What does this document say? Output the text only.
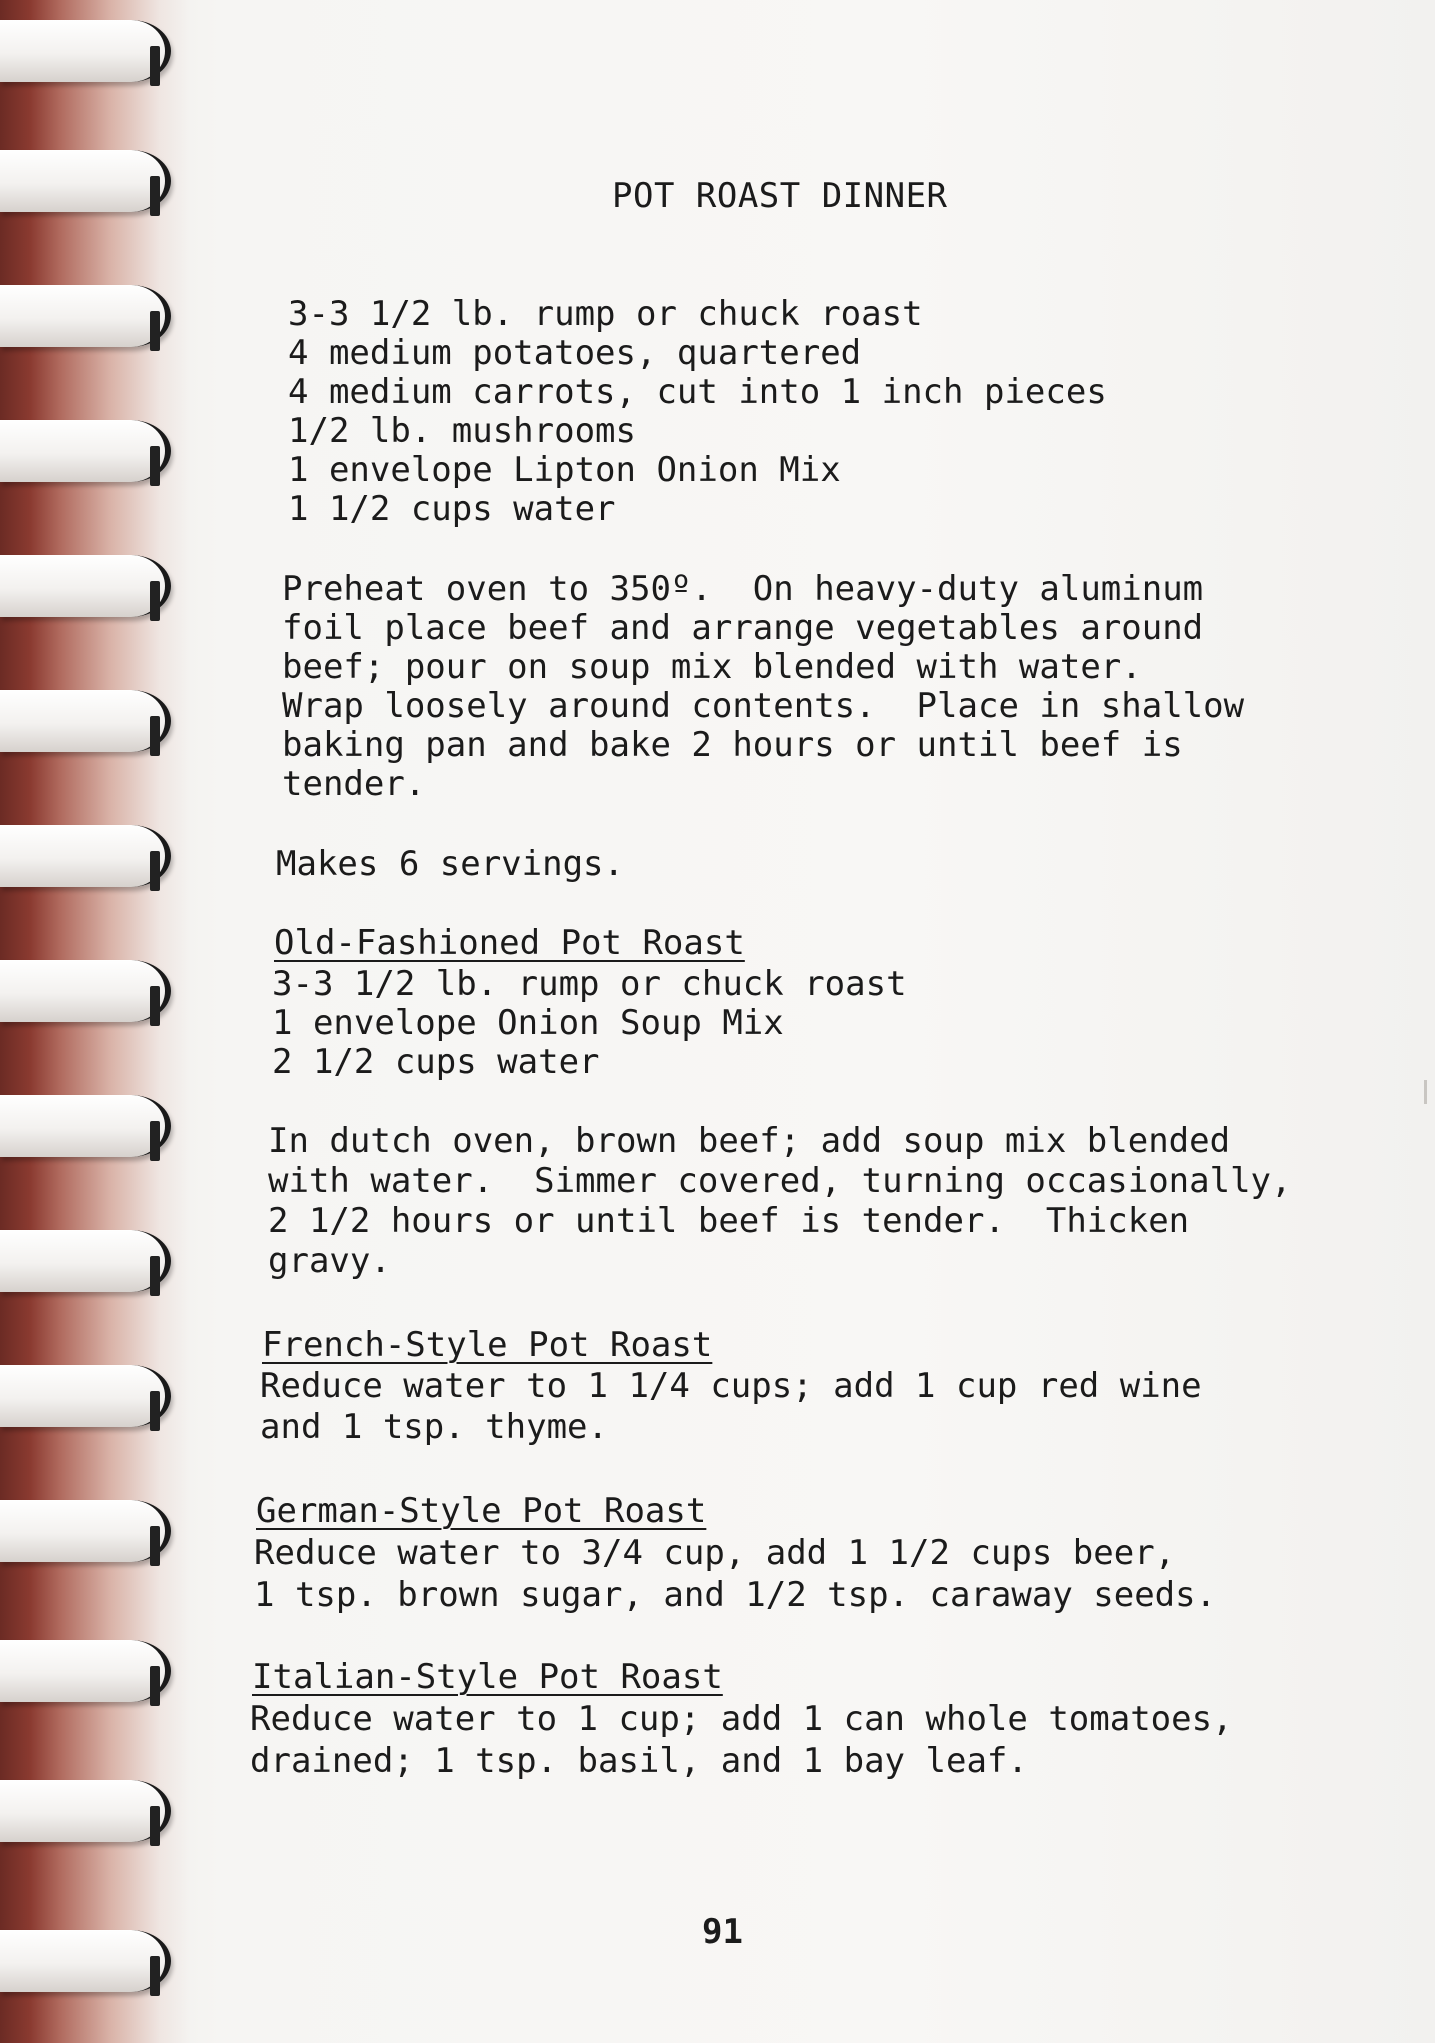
POT ROAST DINNER
3-3 1/2 lb. rump or chuck roast
4 medium potatoes, quartered
4 medium carrots, cut into 1 inch pieces
1/2 lb. mushrooms
1 envelope Lipton Onion Mix
1 1/2 cups water
Preheat oven to 350º.  On heavy-duty aluminum
foil place beef and arrange vegetables around
beef; pour on soup mix blended with water.
Wrap loosely around contents.  Place in shallow
baking pan and bake 2 hours or until beef is
tender.
Makes 6 servings.
Old-Fashioned Pot Roast
3-3 1/2 lb. rump or chuck roast
1 envelope Onion Soup Mix
2 1/2 cups water
In dutch oven, brown beef; add soup mix blended
with water.  Simmer covered, turning occasionally,
2 1/2 hours or until beef is tender.  Thicken
gravy.
French-Style Pot Roast
Reduce water to 1 1/4 cups; add 1 cup red wine
and 1 tsp. thyme.
German-Style Pot Roast
Reduce water to 3/4 cup, add 1 1/2 cups beer,
1 tsp. brown sugar, and 1/2 tsp. caraway seeds.
Italian-Style Pot Roast
Reduce water to 1 cup; add 1 can whole tomatoes,
drained; 1 tsp. basil, and 1 bay leaf.
91
